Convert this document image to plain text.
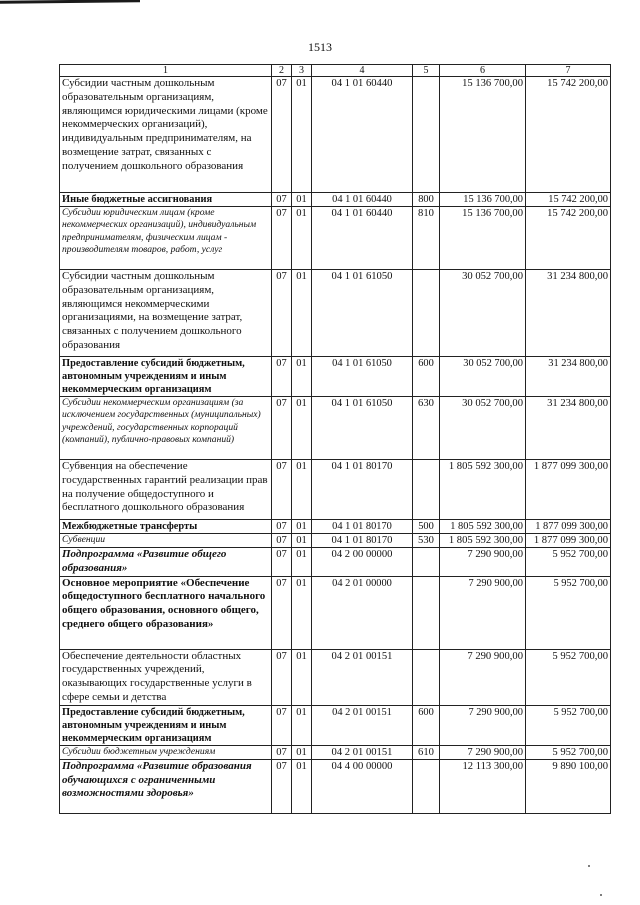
1513
1	2	3	4	5	6	7
Субсидии частным дошкольным образовательным организациям, являющимся юридическими лицами (кроме некоммерческих организаций), индивидуальным предпринимателям, на возмещение затрат, связанных с получением дошкольного образования	07	01	04 1 01 60440		15 136 700,00	15 742 200,00
Иные бюджетные ассигнования	07	01	04 1 01 60440	800	15 136 700,00	15 742 200,00
Субсидии юридическим лицам (кроме некоммерческих организаций), индивидуальным предпринимателям, физическим лицам - производителям товаров, работ, услуг	07	01	04 1 01 60440	810	15 136 700,00	15 742 200,00
Субсидии частным дошкольным образовательным организациям, являющимся некоммерческими организациями, на возмещение затрат, связанных с получением дошкольного образования	07	01	04 1 01 61050		30 052 700,00	31 234 800,00
Предоставление субсидий бюджетным, автономным учреждениям и иным некоммерческим организациям	07	01	04 1 01 61050	600	30 052 700,00	31 234 800,00
Субсидии некоммерческим организациям (за исключением государственных (муниципальных) учреждений, государственных корпораций (компаний), публично-правовых компаний)	07	01	04 1 01 61050	630	30 052 700,00	31 234 800,00
Субвенция на обеспечение государственных гарантий реализации прав на получение общедоступного и бесплатного дошкольного образования	07	01	04 1 01 80170		1 805 592 300,00	1 877 099 300,00
Межбюджетные трансферты	07	01	04 1 01 80170	500	1 805 592 300,00	1 877 099 300,00
Субвенции	07	01	04 1 01 80170	530	1 805 592 300,00	1 877 099 300,00
Подпрограмма «Развитие общего образования»	07	01	04 2 00 00000		7 290 900,00	5 952 700,00
Основное мероприятие «Обеспечение общедоступного бесплатного начального общего образования, основного общего, среднего общего образования»	07	01	04 2 01 00000		7 290 900,00	5 952 700,00
Обеспечение деятельности областных государственных учреждений, оказывающих государственные услуги в сфере семьи и детства	07	01	04 2 01 00151		7 290 900,00	5 952 700,00
Предоставление субсидий бюджетным, автономным учреждениям и иным некоммерческим организациям	07	01	04 2 01 00151	600	7 290 900,00	5 952 700,00
Субсидии бюджетным учреждениям	07	01	04 2 01 00151	610	7 290 900,00	5 952 700,00
Подпрограмма «Развитие образования обучающихся с ограниченными возможностями здоровья»	07	01	04 4 00 00000		12 113 300,00	9 890 100,00
